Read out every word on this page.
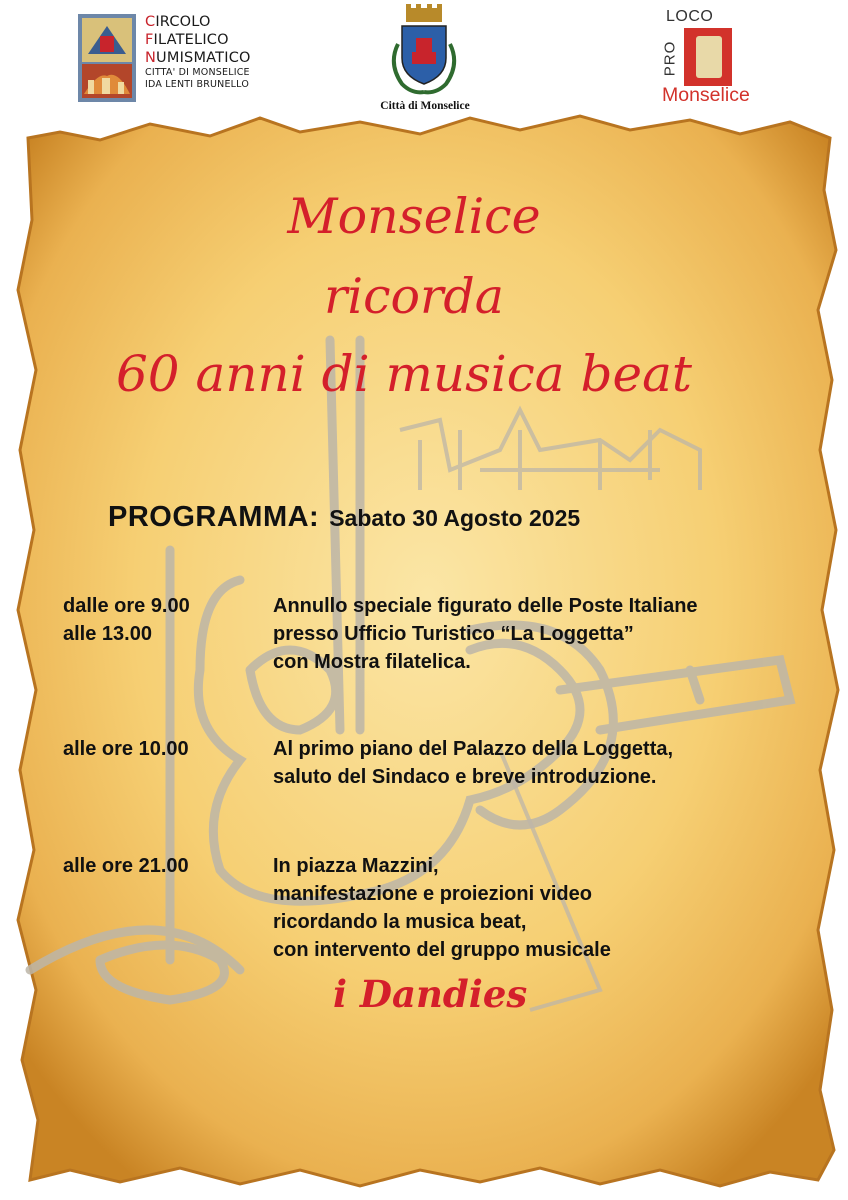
CIRCOLO
FILATELICO
NUMISMATICO
CITTA' DI MONSELICE
IDA LENTI BRUNELLO
Città di Monselice
LOCO
PRO
Monselice
Monselice
ricorda
60 anni di musica beat
PROGRAMMA: Sabato 30 Agosto 2025
dalle ore 9.00
alle 13.00
Annullo speciale figurato delle Poste Italiane
presso Ufficio Turistico “La Loggetta”
con Mostra filatelica.
alle ore 10.00	Al primo piano del Palazzo della Loggetta,
saluto del Sindaco e breve introduzione.
alle ore 21.00	In piazza Mazzini,
manifestazione e proiezioni video
ricordando la musica beat,
con intervento del gruppo musicale
i Dandies
